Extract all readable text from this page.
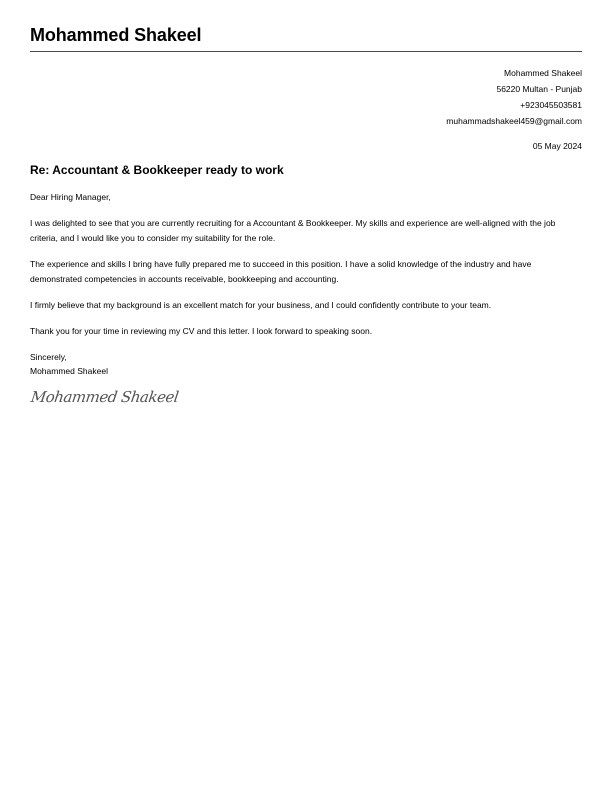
Mohammed Shakeel
Mohammed Shakeel
56220 Multan - Punjab
+923045503581
muhammadshakeel459@gmail.com
05 May 2024
Re: Accountant & Bookkeeper ready to work
Dear Hiring Manager,
I was delighted to see that you are currently recruiting for a Accountant & Bookkeeper. My skills and experience are well-aligned with the job criteria, and I would like you to consider my suitability for the role.
The experience and skills I bring have fully prepared me to succeed in this position. I have a solid knowledge of the industry and have demonstrated competencies in accounts receivable, bookkeeping and accounting.
I firmly believe that my background is an excellent match for your business, and I could confidently contribute to your team.
Thank you for your time in reviewing my CV and this letter. I look forward to speaking soon.
Sincerely,
Mohammed Shakeel
Mohammed Shakeel
